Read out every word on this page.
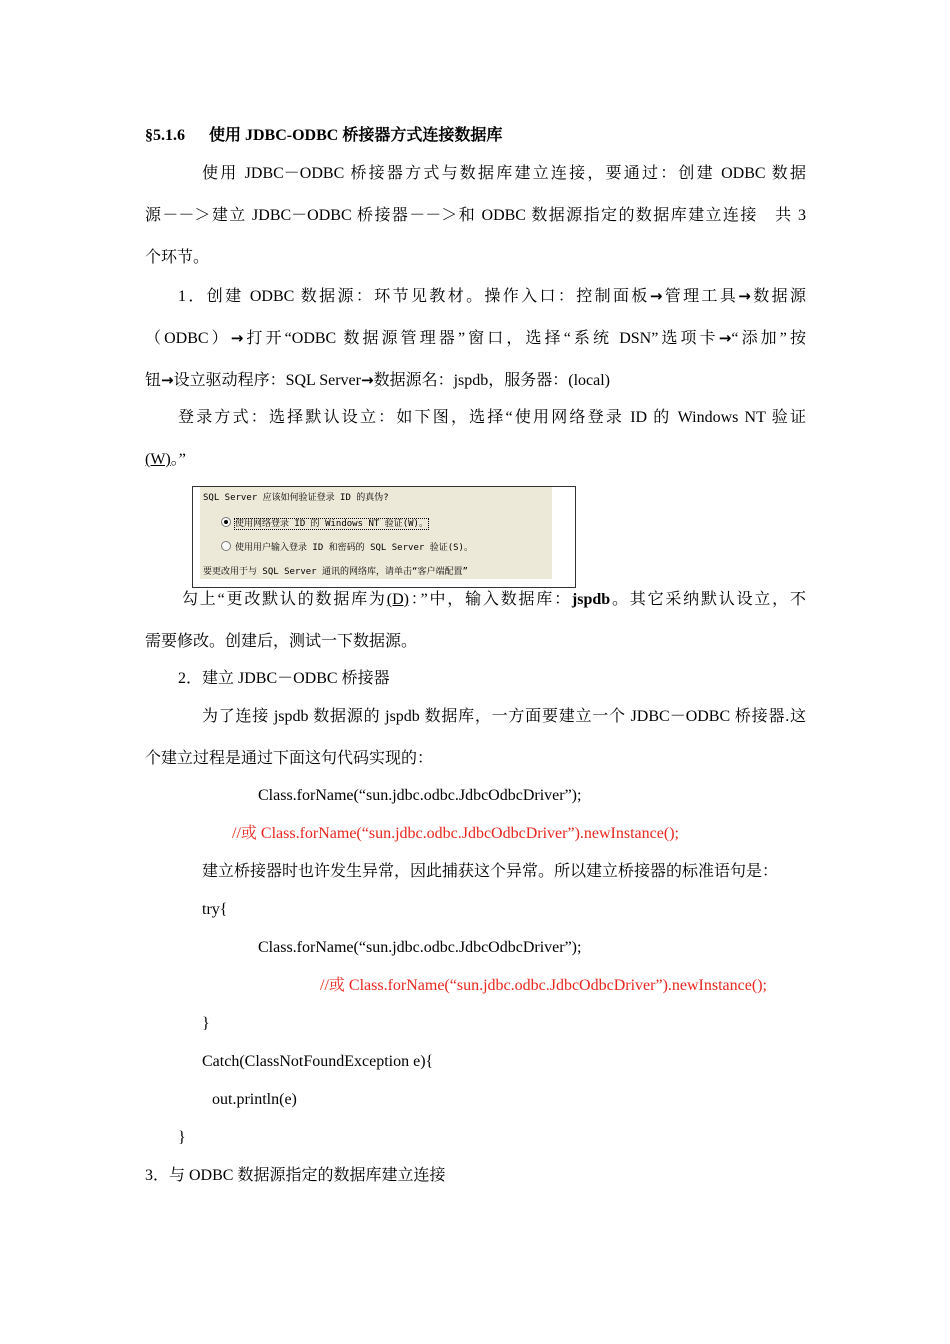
§5.1.6 使用 JDBC-ODBC 桥接器方式连接数据库
使用 JDBC－ODBC 桥接器方式与数据库建立连接，要通过：创建 ODBC 数据
源－－＞建立 JDBC－ODBC 桥接器－－＞和 ODBC 数据源指定的数据库建立连接　共 3
个环节。
1．创建 ODBC 数据源：环节见教材。操作入口：控制面板→管理工具→数据源
（ODBC）→打开“ODBC 数据源管理器”窗口，选择“系统 DSN”选项卡→“添加”按
钮→设立驱动程序：SQL Server→数据源名：jspdb，服务器：(local)
登录方式：选择默认设立：如下图，选择“使用网络登录 ID 的 Windows NT 验证
(W)。”
SQL Server 应该如何验证登录 ID 的真伪?
使用网络登录 ID 的 Windows NT 验证(W)。
使用用户输入登录 ID 和密码的 SQL Server 验证(S)。
要更改用于与 SQL Server 通讯的网络库，请单击“客户端配置”
勾上“更改默认的数据库为(D)：”中，输入数据库：jspdb。其它采纳默认设立，不
需要修改。创建后，测试一下数据源。
2．建立 JDBC－ODBC 桥接器
为了连接 jspdb 数据源的 jspdb 数据库，一方面要建立一个 JDBC－ODBC 桥接器.这
个建立过程是通过下面这句代码实现的：
Class.forName(“sun.jdbc.odbc.JdbcOdbcDriver”);
//或 Class.forName(“sun.jdbc.odbc.JdbcOdbcDriver”).newInstance();
建立桥接器时也许发生异常，因此捕获这个异常。所以建立桥接器的标准语句是：
try{
Class.forName(“sun.jdbc.odbc.JdbcOdbcDriver”);
//或 Class.forName(“sun.jdbc.odbc.JdbcOdbcDriver”).newInstance();
}
Catch(ClassNotFoundException e){
out.println(e)
}
3．与 ODBC 数据源指定的数据库建立连接
